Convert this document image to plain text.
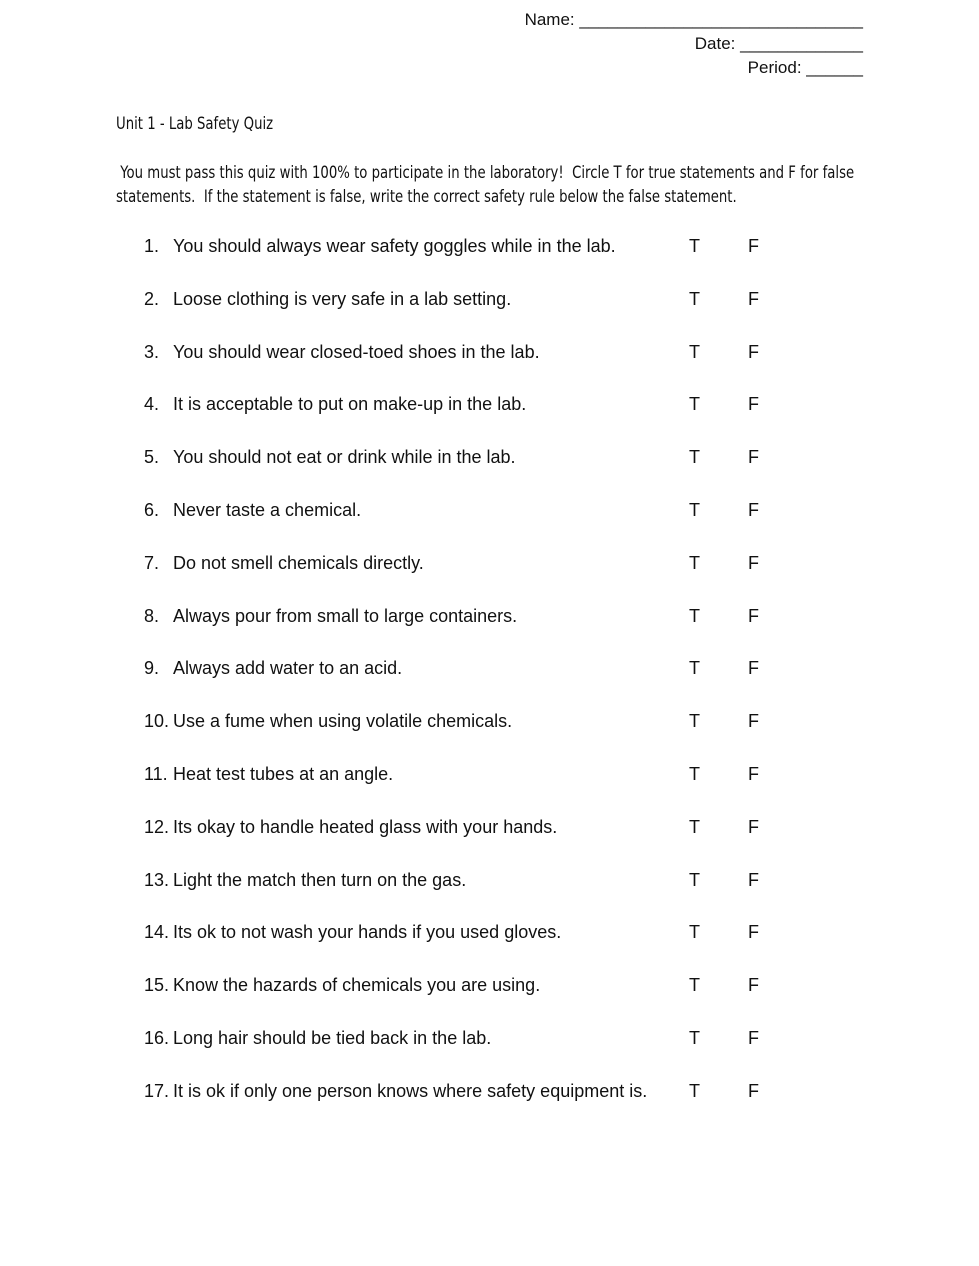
Name: ______________________________
Date: _____________
Period: ______
Unit 1 - Lab Safety Quiz
You must pass this quiz with 100% to participate in the laboratory!  Circle T for true statements and F for false
statements.  If the statement is false, write the correct safety rule below the false statement.
1. You should always wear safety goggles while in the lab.	T	F
2. Loose clothing is very safe in a lab setting.	T	F
3. You should wear closed-toed shoes in the lab.	T	F
4. It is acceptable to put on make-up in the lab.	T	F
5. You should not eat or drink while in the lab.	T	F
6. Never taste a chemical.	T	F
7. Do not smell chemicals directly.	T	F
8. Always pour from small to large containers.	T	F
9. Always add water to an acid.	T	F
10. Use a fume when using volatile chemicals.	T	F
11. Heat test tubes at an angle.	T	F
12. Its okay to handle heated glass with your hands.	T	F
13. Light the match then turn on the gas.	T	F
14. Its ok to not wash your hands if you used gloves.	T	F
15. Know the hazards of chemicals you are using.	T	F
16. Long hair should be tied back in the lab.	T	F
17. It is ok if only one person knows where safety equipment is. T	F
